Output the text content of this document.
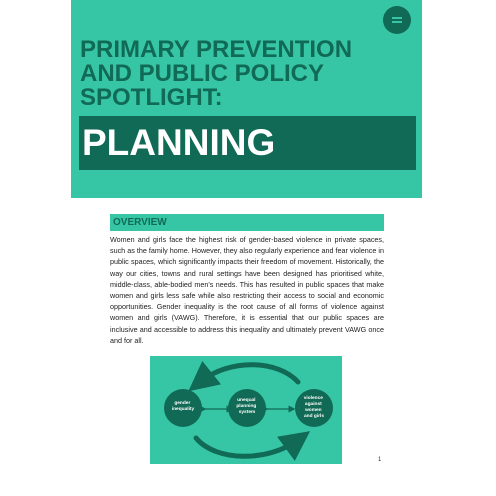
PRIMARY PREVENTION
AND PUBLIC POLICY
SPOTLIGHT:
PLANNING
OVERVIEW

Women and girls face the highest risk of gender-based violence in private spaces, such as the family home. However, they also regularly experience and fear violence in public spaces, which significantly impacts their freedom of movement. Historically, the way our cities, towns and rural settings have been designed has prioritised white, middle-class, able-bodied men's needs. This has resulted in public spaces that make women and girls less safe while also restricting their access to social and economic opportunities. Gender inequality is the root cause of all forms of violence against women and girls (VAWG). Therefore, it is essential that our public spaces are inclusive and accessible to address this inequality and ultimately prevent VAWG once and for all.

gender inequality
unequal planning system
violence against women and girls

1
